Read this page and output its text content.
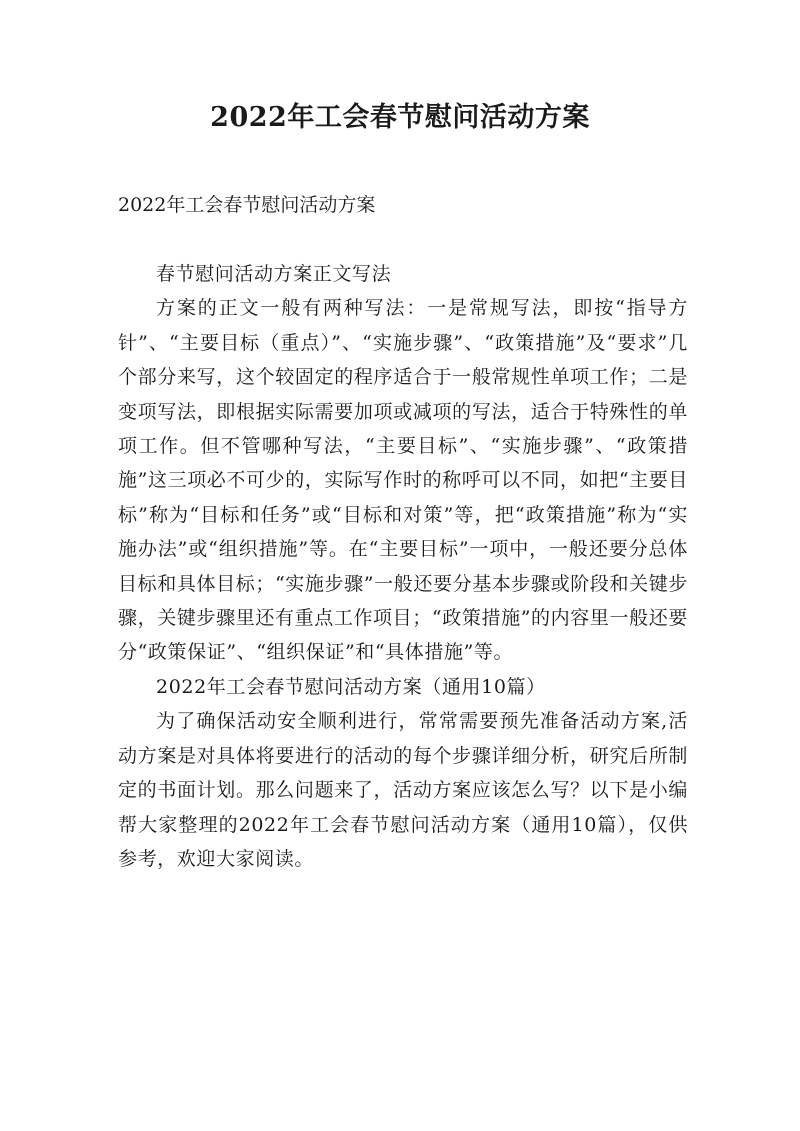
2022年工会春节慰问活动方案

2022年工会春节慰问活动方案

春节慰问活动方案正文写法

方案的正文一般有两种写法：一是常规写法，即按“指导方针”、“主要目标（重点）”、“实施步骤”、“政策措施”及“要求”几个部分来写，这个较固定的程序适合于一般常规性单项工作；二是变项写法，即根据实际需要加项或减项的写法，适合于特殊性的单项工作。但不管哪种写法，“主要目标”、“实施步骤”、“政策措施”这三项必不可少的，实际写作时的称呼可以不同，如把“主要目标”称为“目标和任务”或“目标和对策”等，把“政策措施”称为“实施办法”或“组织措施”等。在“主要目标”一项中，一般还要分总体目标和具体目标；“实施步骤”一般还要分基本步骤或阶段和关键步骤，关键步骤里还有重点工作项目；“政策措施”的内容里一般还要分“政策保证”、“组织保证”和“具体措施”等。

2022年工会春节慰问活动方案（通用10篇）

为了确保活动安全顺利进行，常常需要预先准备活动方案,活动方案是对具体将要进行的活动的每个步骤详细分析，研究后所制定的书面计划。那么问题来了，活动方案应该怎么写？以下是小编帮大家整理的2022年工会春节慰问活动方案（通用10篇），仅供参考，欢迎大家阅读。
